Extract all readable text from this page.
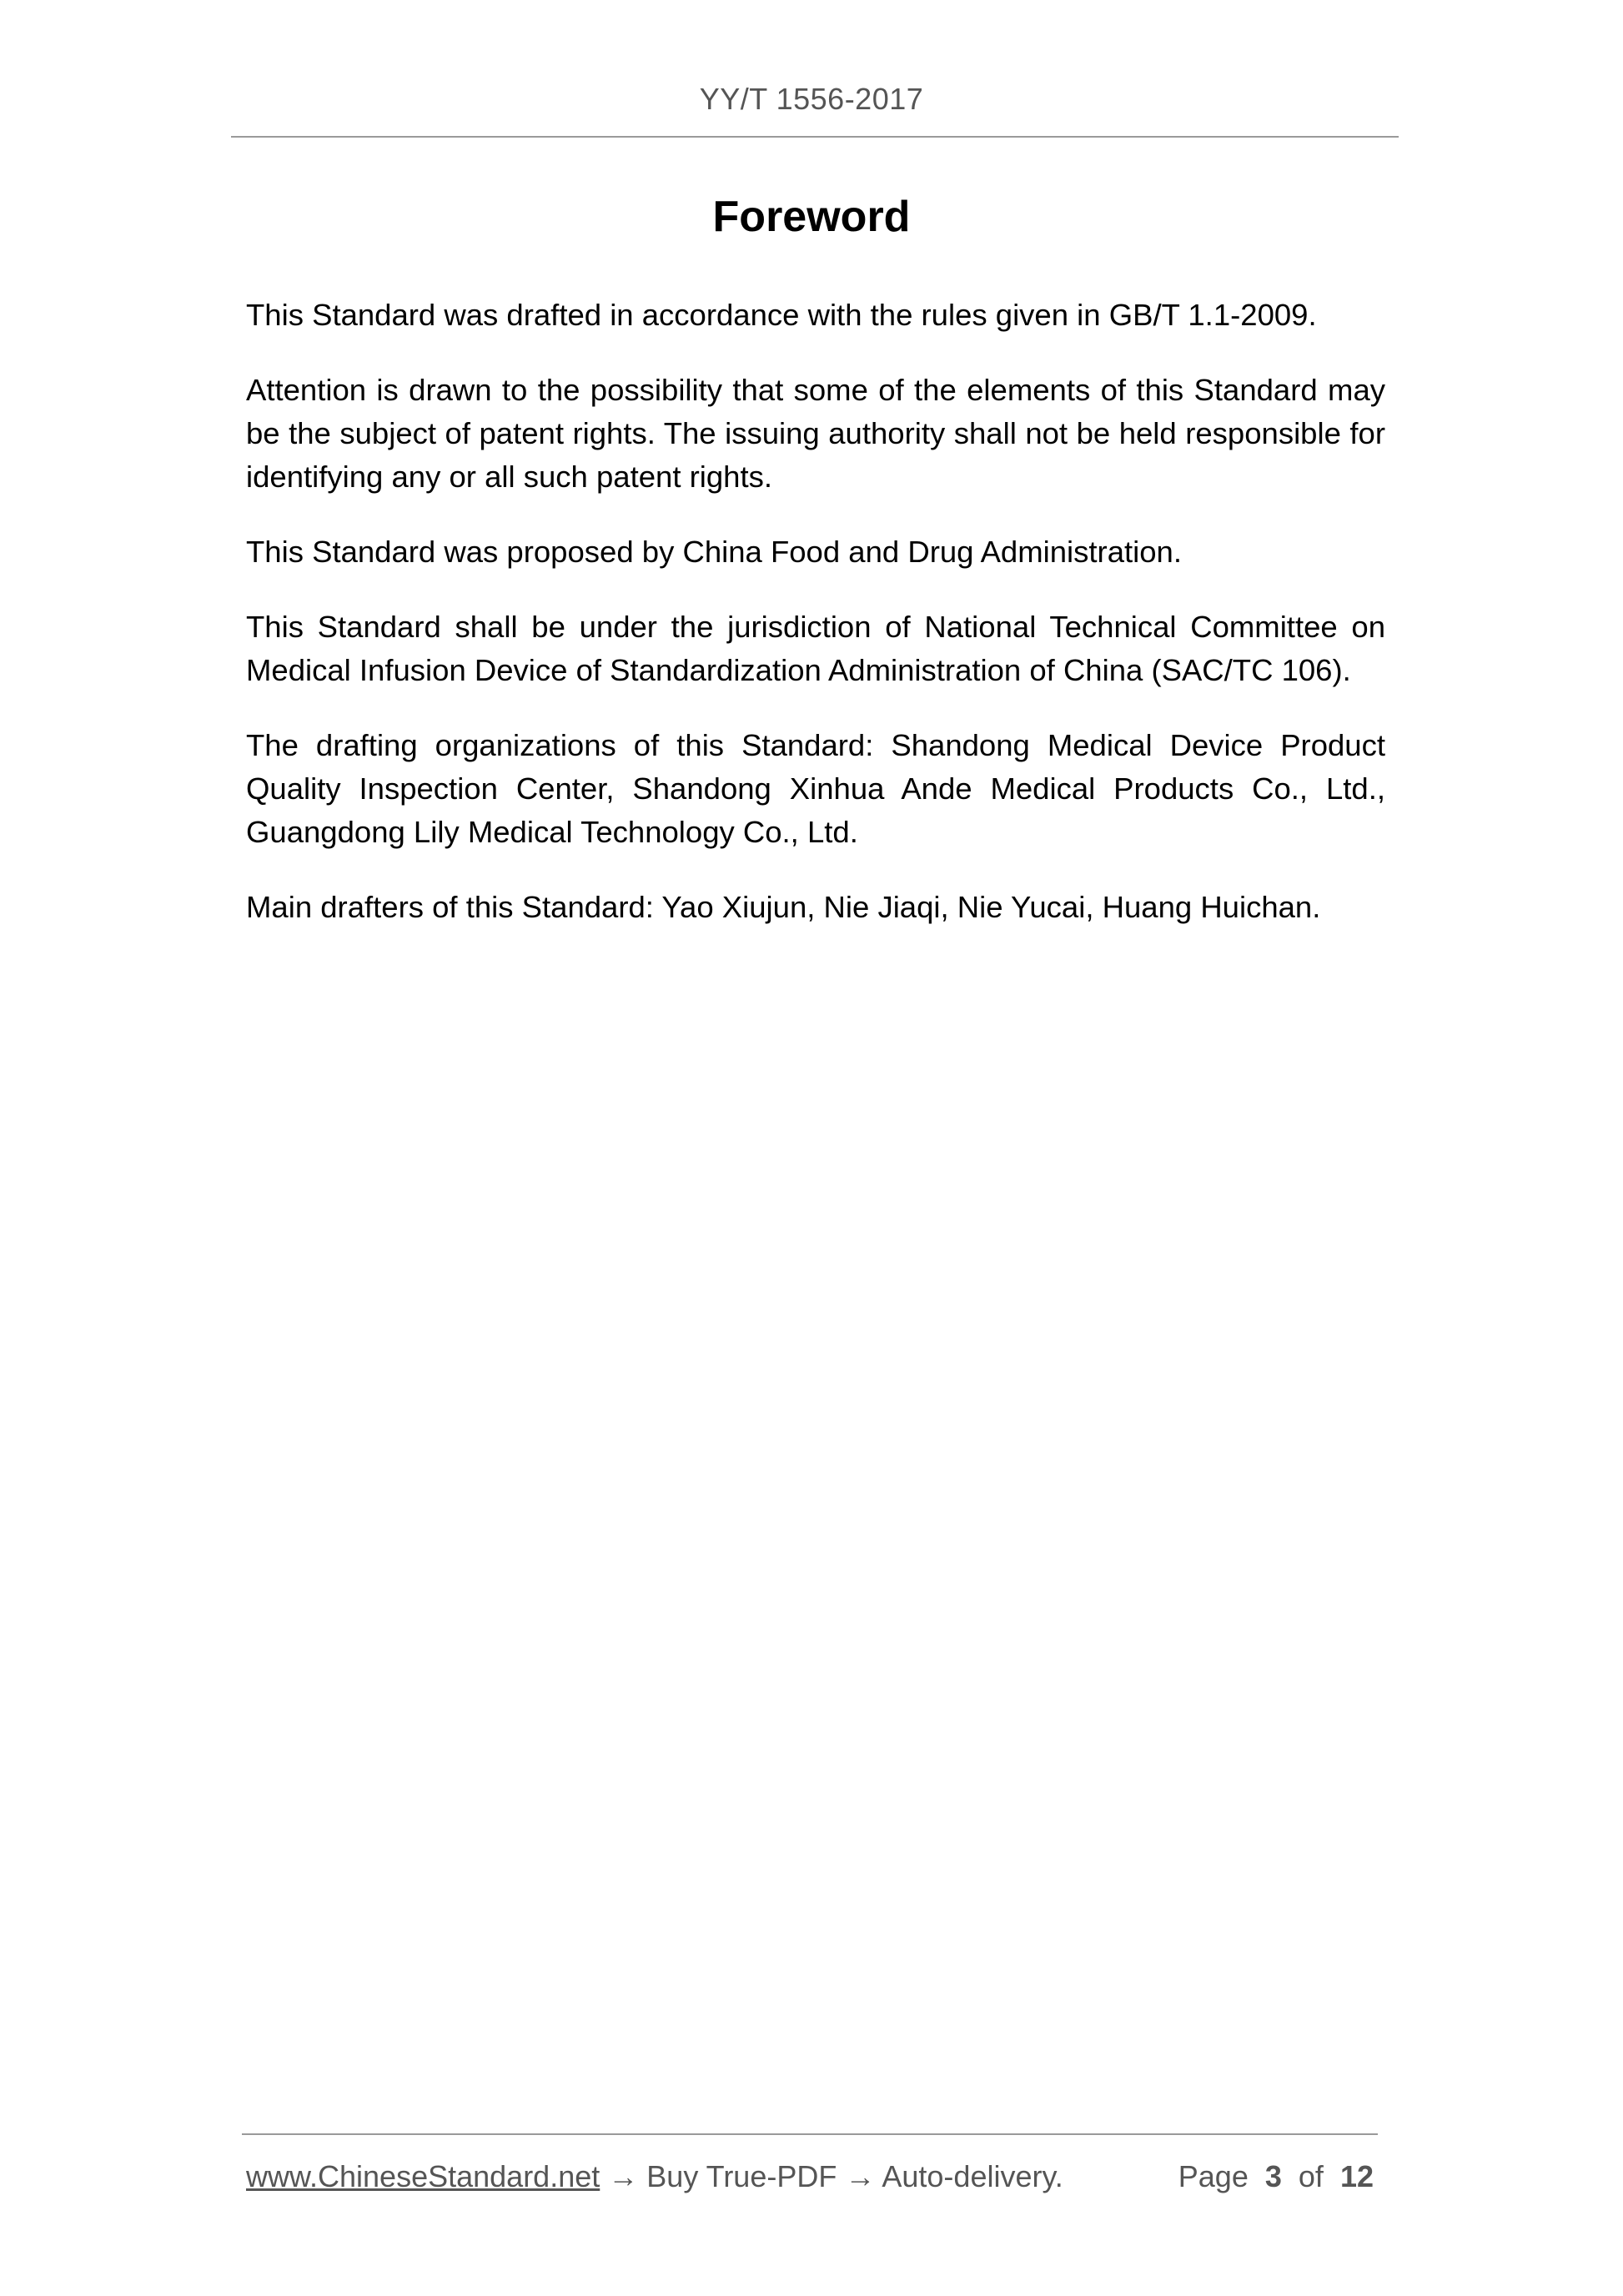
YY/T 1556-2017
Foreword

This Standard was drafted in accordance with the rules given in GB/T 1.1-2009.

Attention is drawn to the possibility that some of the elements of this Standard may be the subject of patent rights. The issuing authority shall not be held responsible for identifying any or all such patent rights.

This Standard was proposed by China Food and Drug Administration.

This Standard shall be under the jurisdiction of National Technical Committee on Medical Infusion Device of Standardization Administration of China (SAC/TC 106).

The drafting organizations of this Standard: Shandong Medical Device Product Quality Inspection Center, Shandong Xinhua Ande Medical Products Co., Ltd., Guangdong Lily Medical Technology Co., Ltd.

Main drafters of this Standard: Yao Xiujun, Nie Jiaqi, Nie Yucai, Huang Huichan.

www.ChineseStandard.net → Buy True-PDF → Auto-delivery.	Page 3 of 12
